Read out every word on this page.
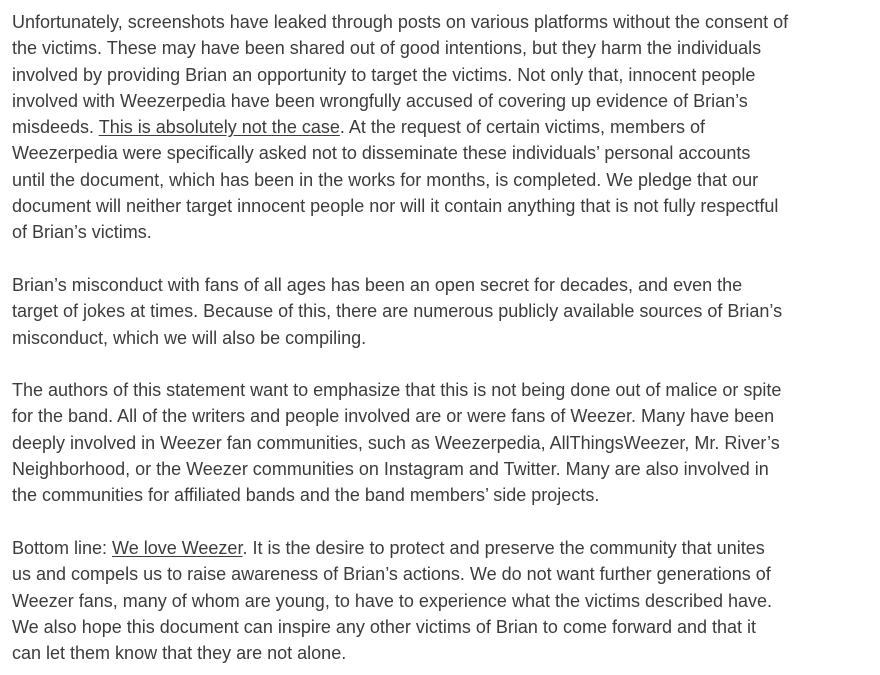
Unfortunately, screenshots have leaked through posts on various platforms without the consent of
the victims. These may have been shared out of good intentions, but they harm the individuals
involved by providing Brian an opportunity to target the victims. Not only that, innocent people
involved with Weezerpedia have been wrongfully accused of covering up evidence of Brian’s
misdeeds. This is absolutely not the case. At the request of certain victims, members of
Weezerpedia were specifically asked not to disseminate these individuals’ personal accounts
until the document, which has been in the works for months, is completed. We pledge that our
document will neither target innocent people nor will it contain anything that is not fully respectful
of Brian’s victims.

Brian’s misconduct with fans of all ages has been an open secret for decades, and even the
target of jokes at times. Because of this, there are numerous publicly available sources of Brian’s
misconduct, which we will also be compiling.

The authors of this statement want to emphasize that this is not being done out of malice or spite
for the band. All of the writers and people involved are or were fans of Weezer. Many have been
deeply involved in Weezer fan communities, such as Weezerpedia, AllThingsWeezer, Mr. River’s
Neighborhood, or the Weezer communities on Instagram and Twitter. Many are also involved in
the communities for affiliated bands and the band members’ side projects.

Bottom line: We love Weezer. It is the desire to protect and preserve the community that unites
us and compels us to raise awareness of Brian’s actions. We do not want further generations of
Weezer fans, many of whom are young, to have to experience what the victims described have.
We also hope this document can inspire any other victims of Brian to come forward and that it
can let them know that they are not alone.
